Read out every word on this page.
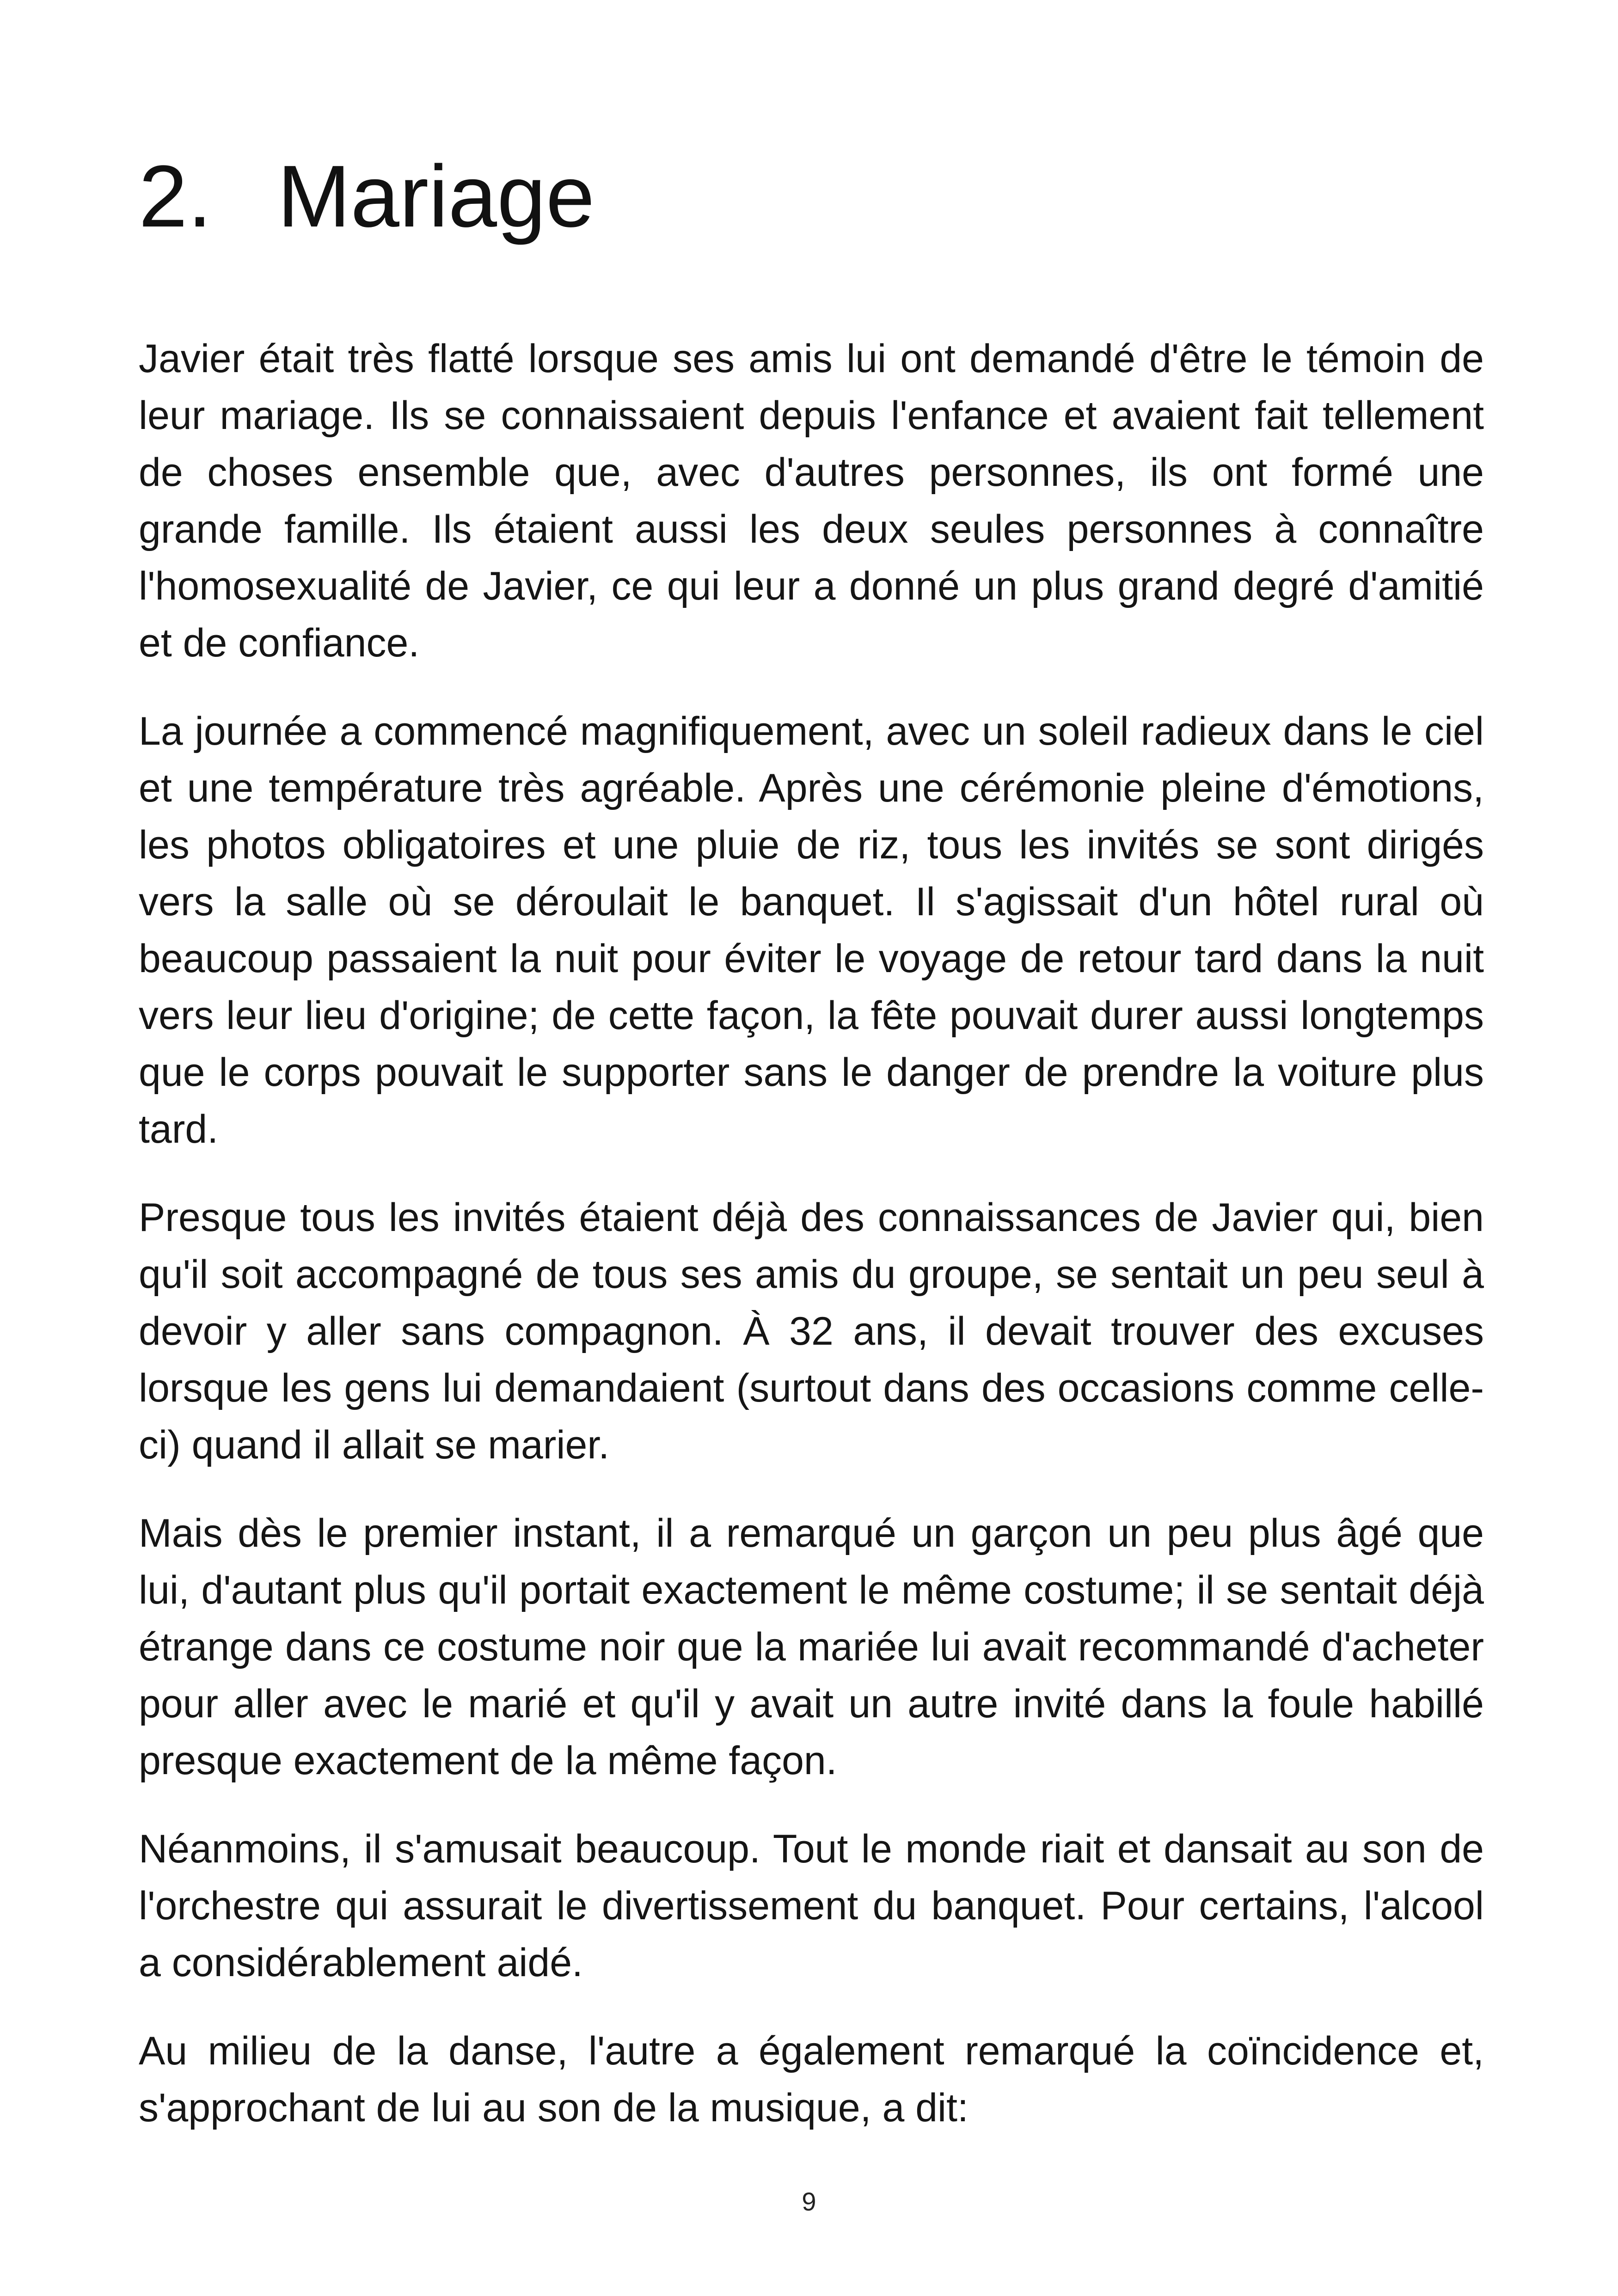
2. Mariage

Javier était très flatté lorsque ses amis lui ont demandé d'être le témoin de leur mariage. Ils se connaissaient depuis l'enfance et avaient fait tellement de choses ensemble que, avec d'autres personnes, ils ont formé une grande famille. Ils étaient aussi les deux seules personnes à connaître l'homosexualité de Javier, ce qui leur a donné un plus grand degré d'amitié et de confiance.

La journée a commencé magnifiquement, avec un soleil radieux dans le ciel et une température très agréable. Après une cérémonie pleine d'émotions, les photos obligatoires et une pluie de riz, tous les invités se sont dirigés vers la salle où se déroulait le banquet. Il s'agissait d'un hôtel rural où beaucoup passaient la nuit pour éviter le voyage de retour tard dans la nuit vers leur lieu d'origine; de cette façon, la fête pouvait durer aussi longtemps que le corps pouvait le supporter sans le danger de prendre la voiture plus tard.

Presque tous les invités étaient déjà des connaissances de Javier qui, bien qu'il soit accompagné de tous ses amis du groupe, se sentait un peu seul à devoir y aller sans compagnon. À 32 ans, il devait trouver des excuses lorsque les gens lui demandaient (surtout dans des occasions comme celle-ci) quand il allait se marier.

Mais dès le premier instant, il a remarqué un garçon un peu plus âgé que lui, d'autant plus qu'il portait exactement le même costume; il se sentait déjà étrange dans ce costume noir que la mariée lui avait recommandé d'acheter pour aller avec le marié et qu'il y avait un autre invité dans la foule habillé presque exactement de la même façon.

Néanmoins, il s'amusait beaucoup. Tout le monde riait et dansait au son de l'orchestre qui assurait le divertissement du banquet. Pour certains, l'alcool a considérablement aidé.

Au milieu de la danse, l'autre a également remarqué la coïncidence et, s'approchant de lui au son de la musique, a dit:

9
